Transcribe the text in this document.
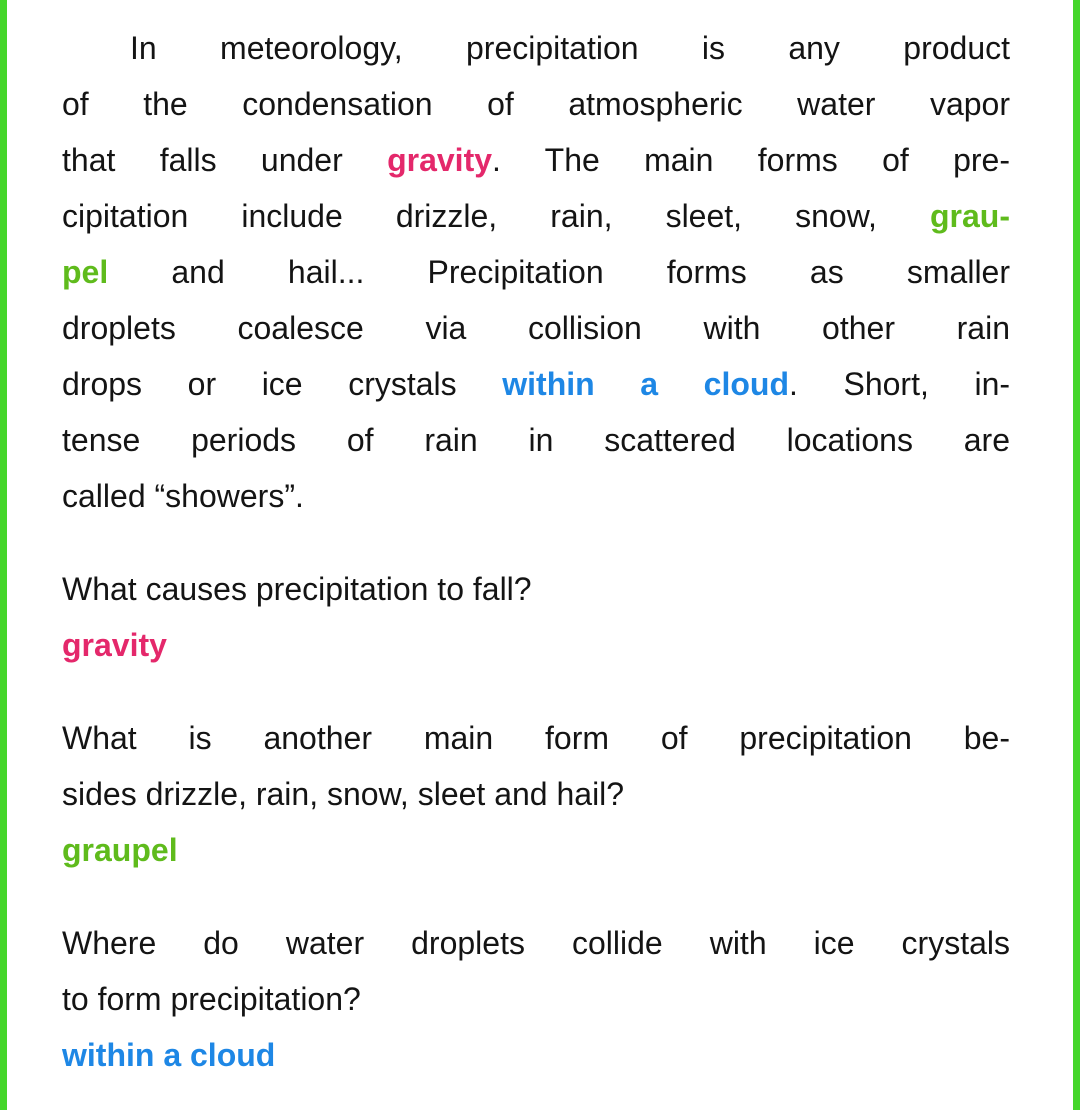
In meteorology, precipitation is any product
of the condensation of atmospheric water vapor
that falls under gravity. The main forms of pre-
cipitation include drizzle, rain, sleet, snow, grau-
pel and hail... Precipitation forms as smaller
droplets coalesce via collision with other rain
drops or ice crystals within a cloud. Short, in-
tense periods of rain in scattered locations are
called “showers”.
What causes precipitation to fall?
gravity
What is another main form of precipitation be-
sides drizzle, rain, snow, sleet and hail?
graupel
Where do water droplets collide with ice crystals
to form precipitation?
within a cloud
